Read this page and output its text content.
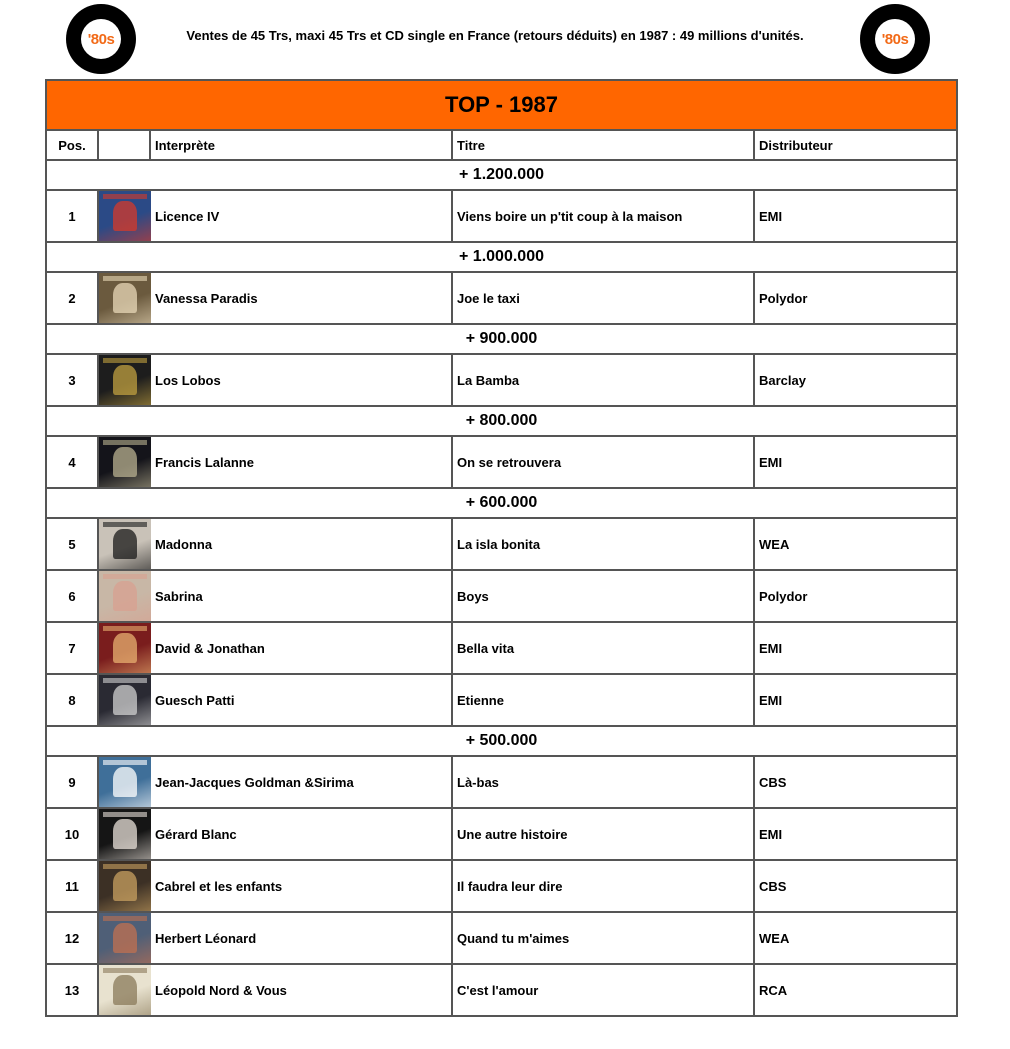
'80s	Ventes de 45 Trs, maxi 45 Trs et CD single en France (retours déduits) en 1987 : 49 millions d'unités.	'80s
TOP - 1987				
Pos.		Interprète	Titre	Distributeur
+ 1.200.000				
1		Licence IV	Viens boire un p'tit coup à la maison	EMI
+ 1.000.000				
2		Vanessa Paradis	Joe le taxi	Polydor
+ 900.000				
3		Los Lobos	La Bamba	Barclay
+ 800.000				
4		Francis Lalanne	On se retrouvera	EMI
+ 600.000				
5		Madonna	La isla bonita	WEA
6		Sabrina	Boys	Polydor
7		David & Jonathan	Bella vita	EMI
8		Guesch Patti	Etienne	EMI
+ 500.000				
9		Jean-Jacques Goldman &Sirima	Là-bas	CBS
10		Gérard Blanc	Une autre histoire	EMI
11		Cabrel et les enfants	Il faudra leur dire	CBS
12		Herbert Léonard	Quand tu m'aimes	WEA
13		Léopold Nord & Vous	C'est l'amour	RCA
